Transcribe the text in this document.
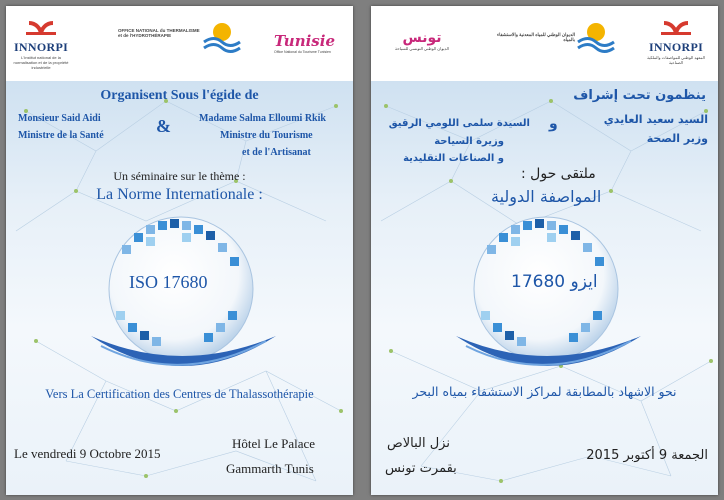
INNORPI
L'Institut national de la normalisation et de la propriété industrielle
OFFICE NATIONAL du THERMALISME et de l'HYDROTHÉRAPIE	Tunisie
Office National du Tourisme Tunisien
Organisent Sous l'égide de
Monsieur Said Aidi
Ministre de la Santé	&	Madame Salma Elloumi Rkik
Ministre du Tourisme
et de l'Artisanat
Un séminaire sur le thème :
La Norme Internationale :
ISO 17680
Vers La Certification des Centres de Thalassothérapie
Le vendredi 9 Octobre 2015
Hôtel Le Palace
Gammarth Tunis
تونس
الديوان الوطني التونسي للسياحة
الديوان الوطني للمياه المعدنية والاستشفاء بالمياه
INNORPI
المعهد الوطني للمواصفات والملكية الصناعية
ينظمون تحت إشراف
السيد سعيد العايدي
وزير الصحة
و
السيدة سلمى اللومي الرقيق
وزيرة السياحة
و الصناعات التقليدية
ملتقى حول :
المواصفة الدولية
ايزو 17680
نحو الاشهاد بالمطابقة لمراكز الاستشفاء بمياه البحر
نزل البالاص
بقمرت تونس
الجمعة 9 أكتوبر 2015
